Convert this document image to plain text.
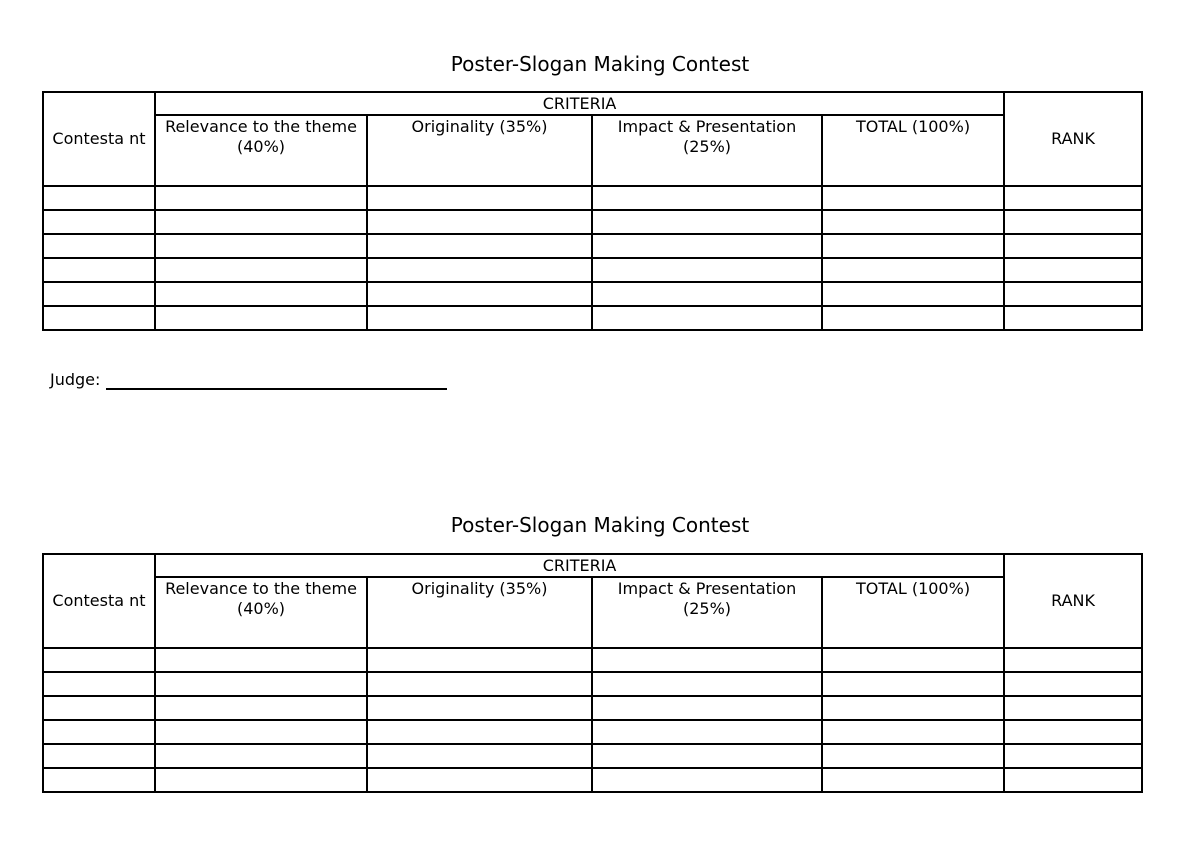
Poster-Slogan Making Contest
Contesta nt	CRITERIA				RANK
	Relevance to the theme (40%)	Originality (35%)	Impact & Presentation (25%)	TOTAL (100%)	

Judge:
Poster-Slogan Making Contest
Contesta nt	CRITERIA				RANK
	Relevance to the theme (40%)	Originality (35%)	Impact & Presentation (25%)	TOTAL (100%)	
